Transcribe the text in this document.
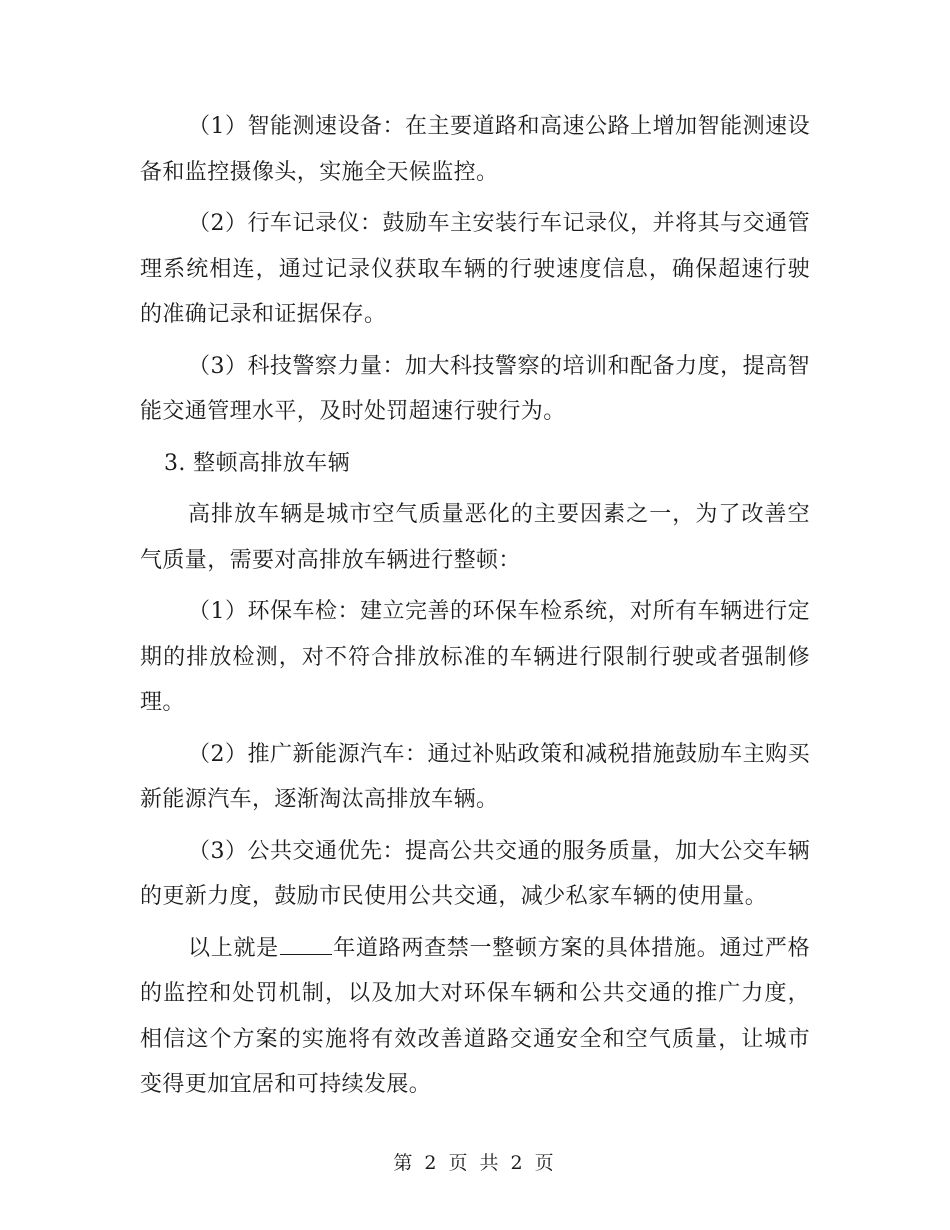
（1）智能测速设备：在主要道路和高速公路上增加智能测速设备和监控摄像头，实施全天候监控。

（2）行车记录仪：鼓励车主安装行车记录仪，并将其与交通管理系统相连，通过记录仪获取车辆的行驶速度信息，确保超速行驶的准确记录和证据保存。

（3）科技警察力量：加大科技警察的培训和配备力度，提高智能交通管理水平，及时处罚超速行驶行为。

3. 整顿高排放车辆

高排放车辆是城市空气质量恶化的主要因素之一，为了改善空气质量，需要对高排放车辆进行整顿：

（1）环保车检：建立完善的环保车检系统，对所有车辆进行定期的排放检测，对不符合排放标准的车辆进行限制行驶或者强制修理。

（2）推广新能源汽车：通过补贴政策和减税措施鼓励车主购买新能源汽车，逐渐淘汰高排放车辆。

（3）公共交通优先：提高公共交通的服务质量，加大公交车辆的更新力度，鼓励市民使用公共交通，减少私家车辆的使用量。

以上就是 年道路两查禁一整顿方案的具体措施。通过严格的监控和处罚机制，以及加大对环保车辆和公共交通的推广力度，相信这个方案的实施将有效改善道路交通安全和空气质量，让城市变得更加宜居和可持续发展。

第 2 页 共 2 页
